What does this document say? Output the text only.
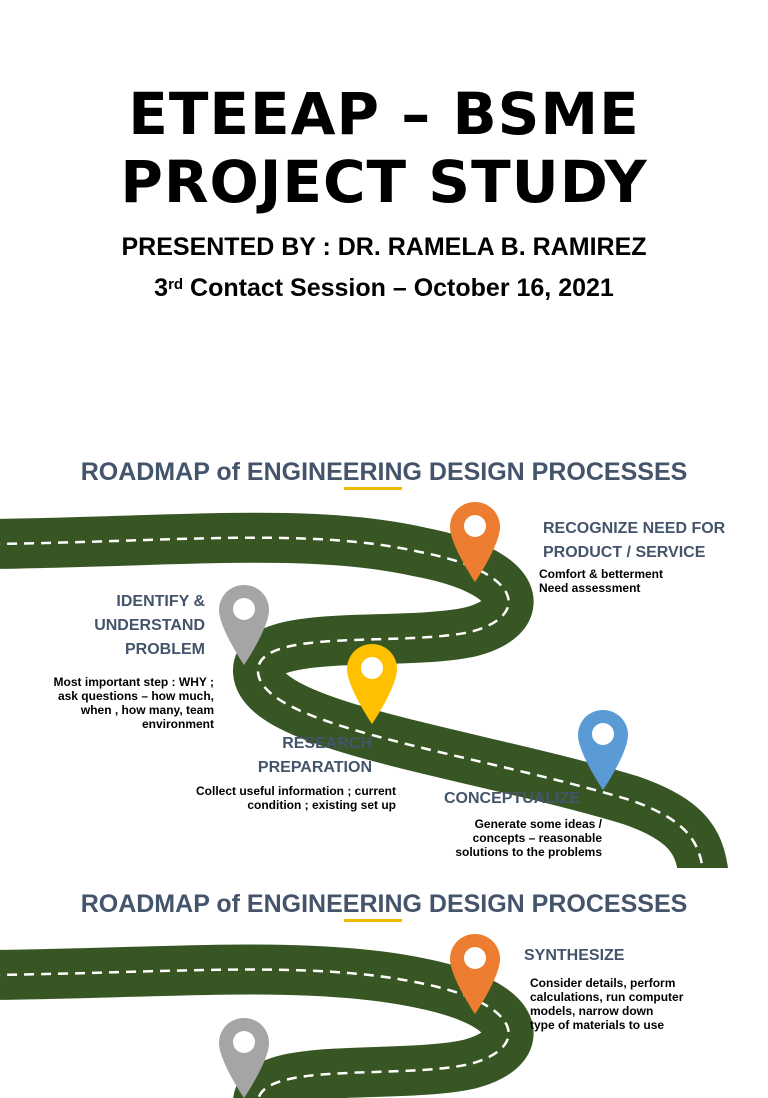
ETEEAP – BSME
PROJECT STUDY
PRESENTED BY : DR. RAMELA B. RAMIREZ
3rd Contact Session – October 16, 2021
ROADMAP of ENGINEERING DESIGN PROCESSES
RECOGNIZE NEED FOR
PRODUCT / SERVICE
Comfort & betterment
Need assessment
IDENTIFY &
UNDERSTAND
PROBLEM
Most important step : WHY ;
ask questions – how much,
when , how many, team
environment
RESEARCH
PREPARATION
Collect useful information ; current
condition ; existing set up	CONCEPTUALIZE
Generate some ideas /
concepts – reasonable
solutions to the problems
ROADMAP of ENGINEERING DESIGN PROCESSES
SYNTHESIZE
Consider details, perform
calculations, run computer
models, narrow down
type of materials to use
